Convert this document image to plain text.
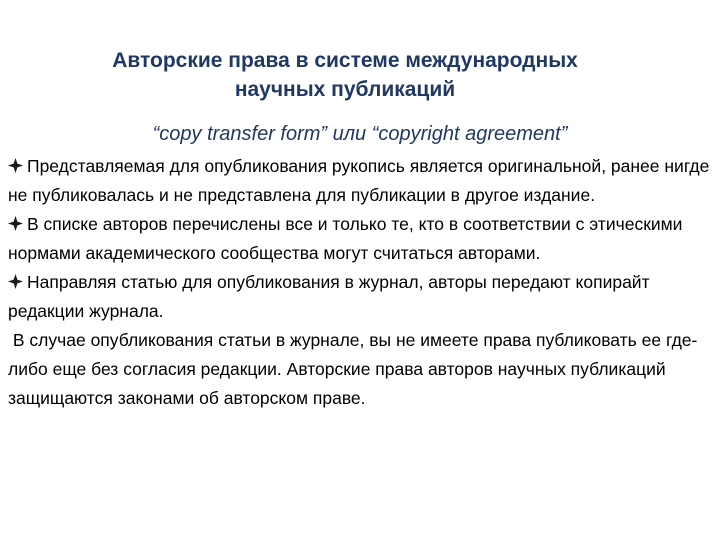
Авторские права в системе международных
научных публикаций

“copy transfer form” или “copyright agreement”

Представляемая для опубликования рукопись является оригинальной, ранее нигде не публиковалась и не представлена для публикации в другое издание.

В списке авторов перечислены все и только те, кто в соответствии с этическими нормами академического сообщества могут считаться авторами.

Направляя статью для опубликования в журнал, авторы передают копирайт редакции журнала.

В случае опубликования статьи в журнале, вы не имеете права публиковать ее где-либо еще без согласия редакции. Авторские права авторов научных публикаций защищаются законами об авторском праве.
